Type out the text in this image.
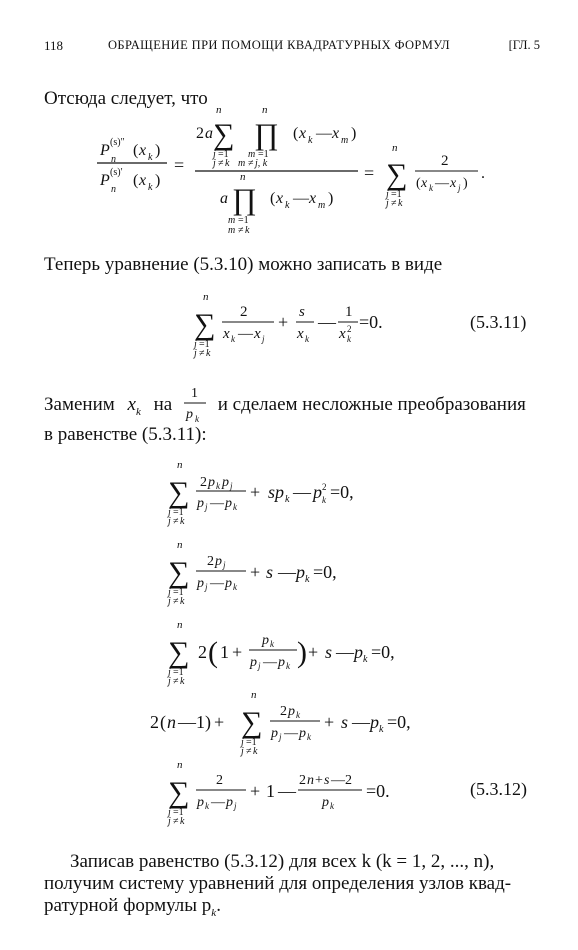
118	ОБРАЩЕНИЕ ПРИ ПОМОЩИ КВАДРАТУРНЫХ ФОРМУЛ	[ГЛ. 5
Отсюда следует, что
P (s)″
n
( x k )
P (s)′
n
( x k )
=
2 a
n
∑
j =1
j ≠ k
n
∏
m =1
m ≠ j, k
( x k — x m )
n
a ∏
m =1
m ≠ k
( x k — x m )
=
n
∑
j =1
j ≠ k
2
( x k — x j )
.
Теперь уравнение (5.3.10) можно записать в виде
n
∑
j =1
j ≠ k
2
x k — x j
+ s
x k
— 1
x 2
k
=0.	(5.3.11)
Заменим $x_k$ на и сделаем несложные преобразования
1
p k
в равенстве (5.3.11):
n
∑
j =1
j ≠ k
2 p k p j
p j — p k
+ sp k — p 2
k =0,
n
∑
j =1
j ≠ k
2 p j
p j — p k
+ s — p k =0,
n
∑
j =1
j ≠ k
2 ( 1 +
p k
p j — p k ) + s — p k =0,
2 ( n — 1) +
n
∑
j =1
j ≠ k
2 p k
p j — p k
+ s — p k =0,
n
∑
j =1
j ≠ k
2
p k — p j
+ 1 —
2 n + s —2
p k
=0.	(5.3.12)
Записав равенство (5.3.12) для всех k (k = 1, 2, ..., n),
получим систему уравнений для определения узлов квад-
ратурной формулы $p_k$.
